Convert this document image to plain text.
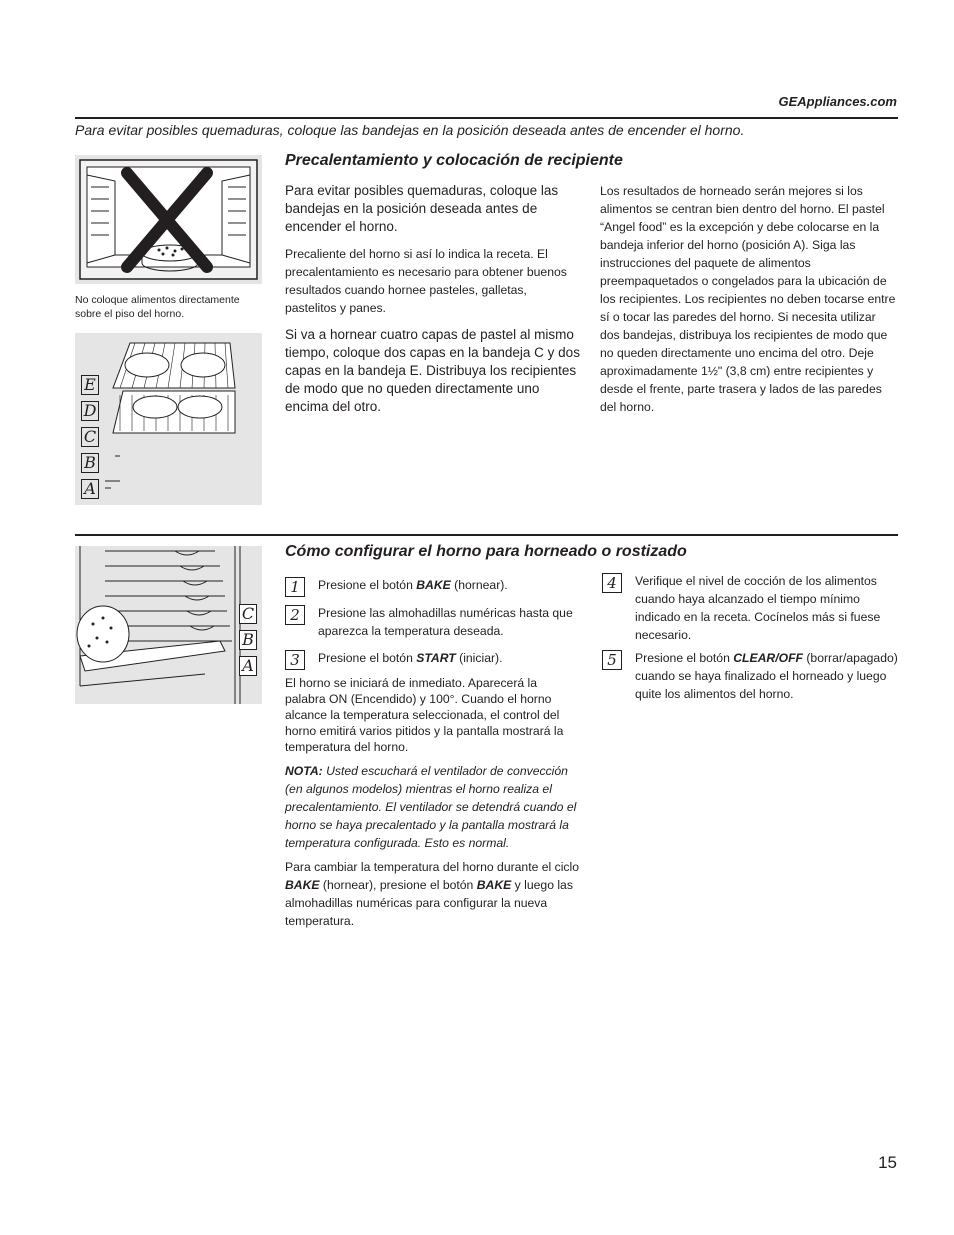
GEAppliances.com
Para evitar posibles quemaduras, coloque las bandejas en la posición deseada antes de encender el horno.
No coloque alimentos directamente sobre el piso del horno.
E
D
C
B
A
Precalentamiento y colocación de recipiente

Para evitar posibles quemaduras, coloque las bandejas en la posición deseada antes de encender el horno.

Precaliente del horno si así lo indica la receta. El precalentamiento es necesario para obtener buenos resultados cuando hornee pasteles, galletas, pastelitos y panes.

Si va a hornear cuatro capas de pastel al mismo tiempo, coloque dos capas en la bandeja C y dos capas en la bandeja E. Distribuya los recipientes de modo que no queden directamente uno encima del otro.

Los resultados de horneado serán mejores si los alimentos se centran bien dentro del horno. El pastel “Angel food” es la excepción y debe colocarse en la bandeja inferior del horno (posición A). Siga las instrucciones del paquete de alimentos preempaquetados o congelados para la ubicación de los recipientes. Los recipientes no deben tocarse entre sí o tocar las paredes del horno. Si necesita utilizar dos bandejas, distribuya los recipientes de modo que no queden directamente uno encima del otro. Deje aproximadamente 1½" (3,8 cm) entre recipientes y desde el frente, parte trasera y lados de las paredes del horno.

C
B
A
Cómo configurar el horno para horneado o rostizado
1	Presione el botón BAKE (hornear).
2	Presione las almohadillas numéricas hasta que aparezca la temperatura deseada.
3	Presione el botón START (iniciar).

El horno se iniciará de inmediato. Aparecerá la palabra ON (Encendido) y 100°. Cuando el horno alcance la temperatura seleccionada, el control del horno emitirá varios pitidos y la pantalla mostrará la temperatura del horno.

NOTA: Usted escuchará el ventilador de convección (en algunos modelos) mientras el horno realiza el precalentamiento. El ventilador se detendrá cuando el horno se haya precalentado y la pantalla mostrará la temperatura configurada. Esto es normal.

Para cambiar la temperatura del horno durante el ciclo BAKE (hornear), presione el botón BAKE y luego las almohadillas numéricas para configurar la nueva temperatura.

4	Verifique el nivel de cocción de los alimentos cuando haya alcanzado el tiempo mínimo indicado en la receta. Cocínelos más si fuese necesario.
5	Presione el botón CLEAR/OFF (borrar/apagado) cuando se haya finalizado el horneado y luego quite los alimentos del horno.
15
